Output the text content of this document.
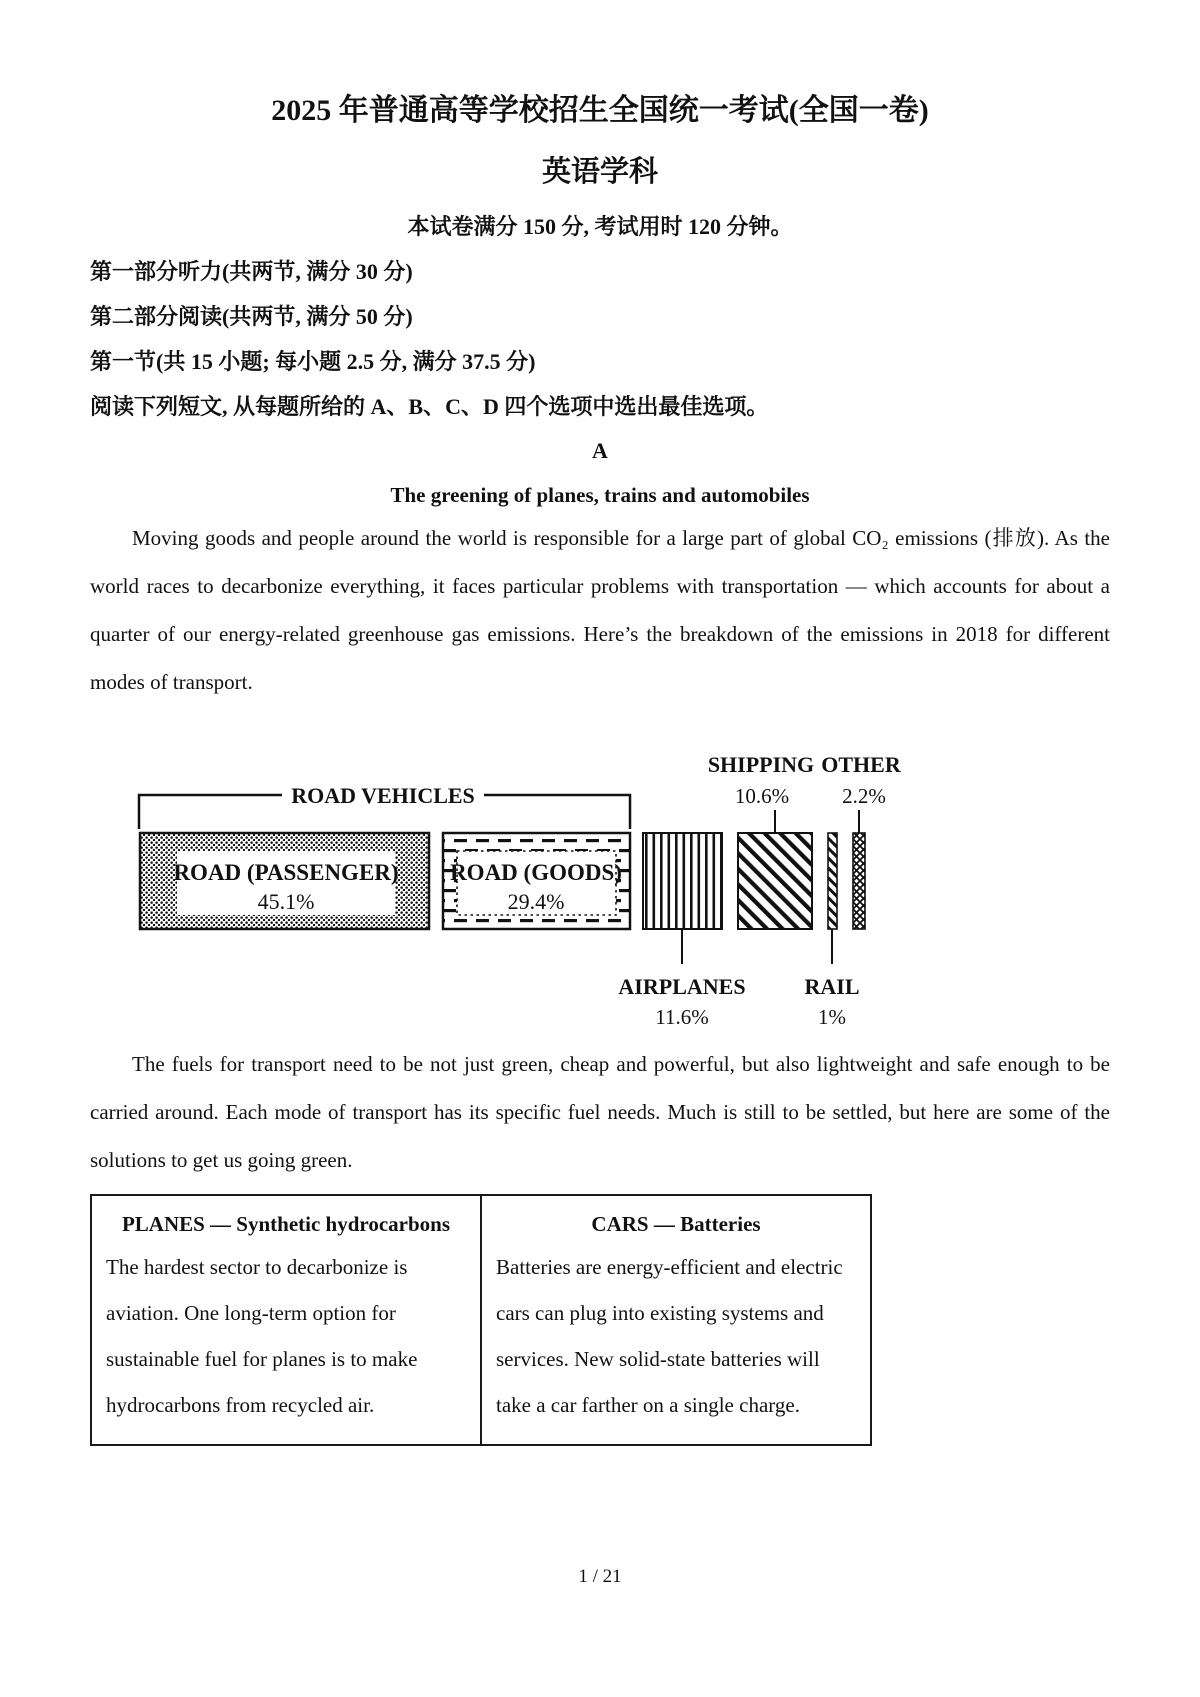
2025 年普通高等学校招生全国统一考试(全国一卷)
英语学科

本试卷满分 150 分, 考试用时 120 分钟。

第一部分听力(共两节, 满分 30 分)

第二部分阅读(共两节, 满分 50 分)

第一节(共 15 小题; 每小题 2.5 分, 满分 37.5 分)

阅读下列短文, 从每题所给的 A、B、C、D 四个选项中选出最佳选项。

A

The greening of planes, trains and automobiles

Moving goods and people around the world is responsible for a large part of global CO₂ emissions (排放). As the world races to decarbonize everything, it faces particular problems with transportation — which accounts for about a quarter of our energy-related greenhouse gas emissions. Here’s the breakdown of the emissions in 2018 for different modes of transport.

SHIPPING OTHER
10.6%	2.2%
ROAD VEHICLES
ROAD (PASSENGER)
45.1%
ROAD (GOODS)
29.4%
AIRPLANES
11.6%
RAIL
1%

The fuels for transport need to be not just green, cheap and powerful, but also lightweight and safe enough to be carried around. Each mode of transport has its specific fuel needs. Much is still to be settled, but here are some of the solutions to get us going green.

PLANES — Synthetic hydrocarbons

The hardest sector to decarbonize is aviation. One long-term option for sustainable fuel for planes is to make hydrocarbons from recycled air.

CARS — Batteries

Batteries are energy-efficient and electric cars can plug into existing systems and services. New solid-state batteries will take a car farther on a single charge.

1 / 21
